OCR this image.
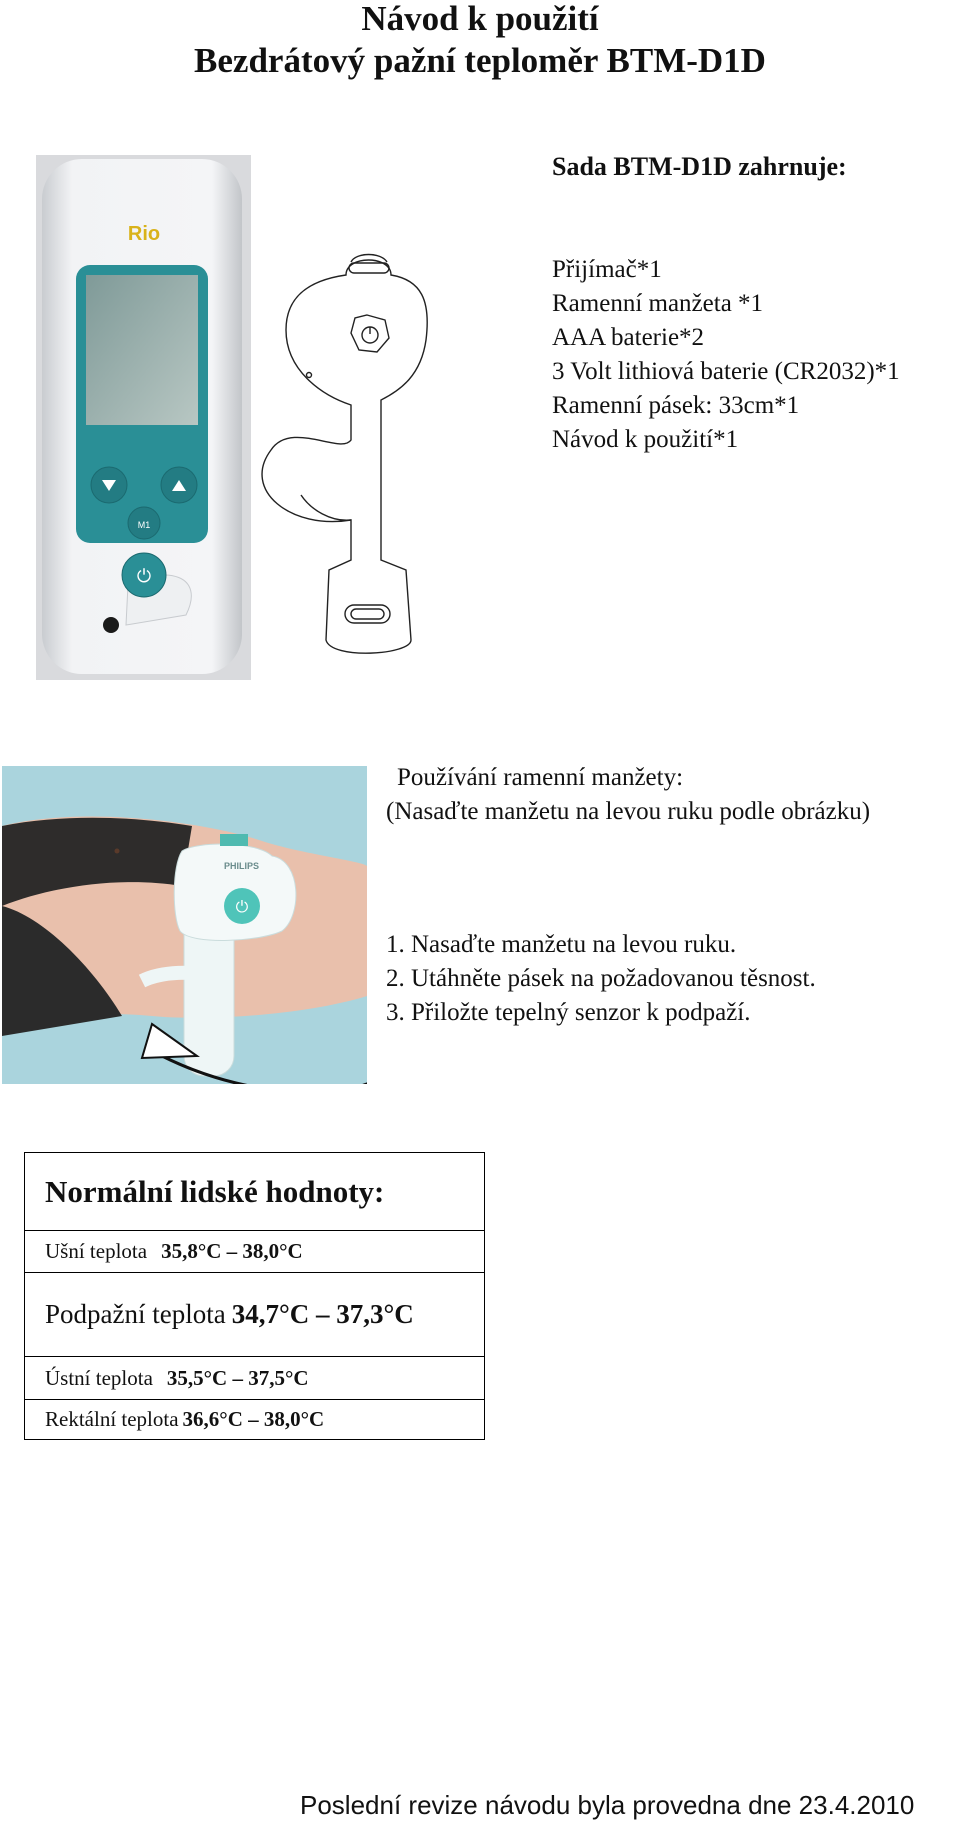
Návod k použití
Bezdrátový pažní teploměr BTM-D1D
M1
⏻
Rio
Sada BTM-D1D zahrnuje:
Přijímač*1
Ramenní manžeta *1
AAA baterie*2
3 Volt lithiová baterie (CR2032)*1
Ramenní pásek: 33cm*1
Návod k použití*1
⏻
PHILIPS
Používání ramenní manžety:
(Nasaďte manžetu na levou ruku podle obrázku)
1. Nasaďte manžetu na levou ruku.
2. Utáhněte pásek na požadovanou těsnost.
3. Přiložte tepelný senzor k podpaží.
Normální lidské hodnoty:
Ušní teplota 35,8°C – 38,0°C
Podpažní teplota 34,7°C – 37,3°C
Ústní teplota 35,5°C – 37,5°C
Rektální teplota 36,6°C – 38,0°C
Poslední revize návodu byla provedna dne 23.4.2010
